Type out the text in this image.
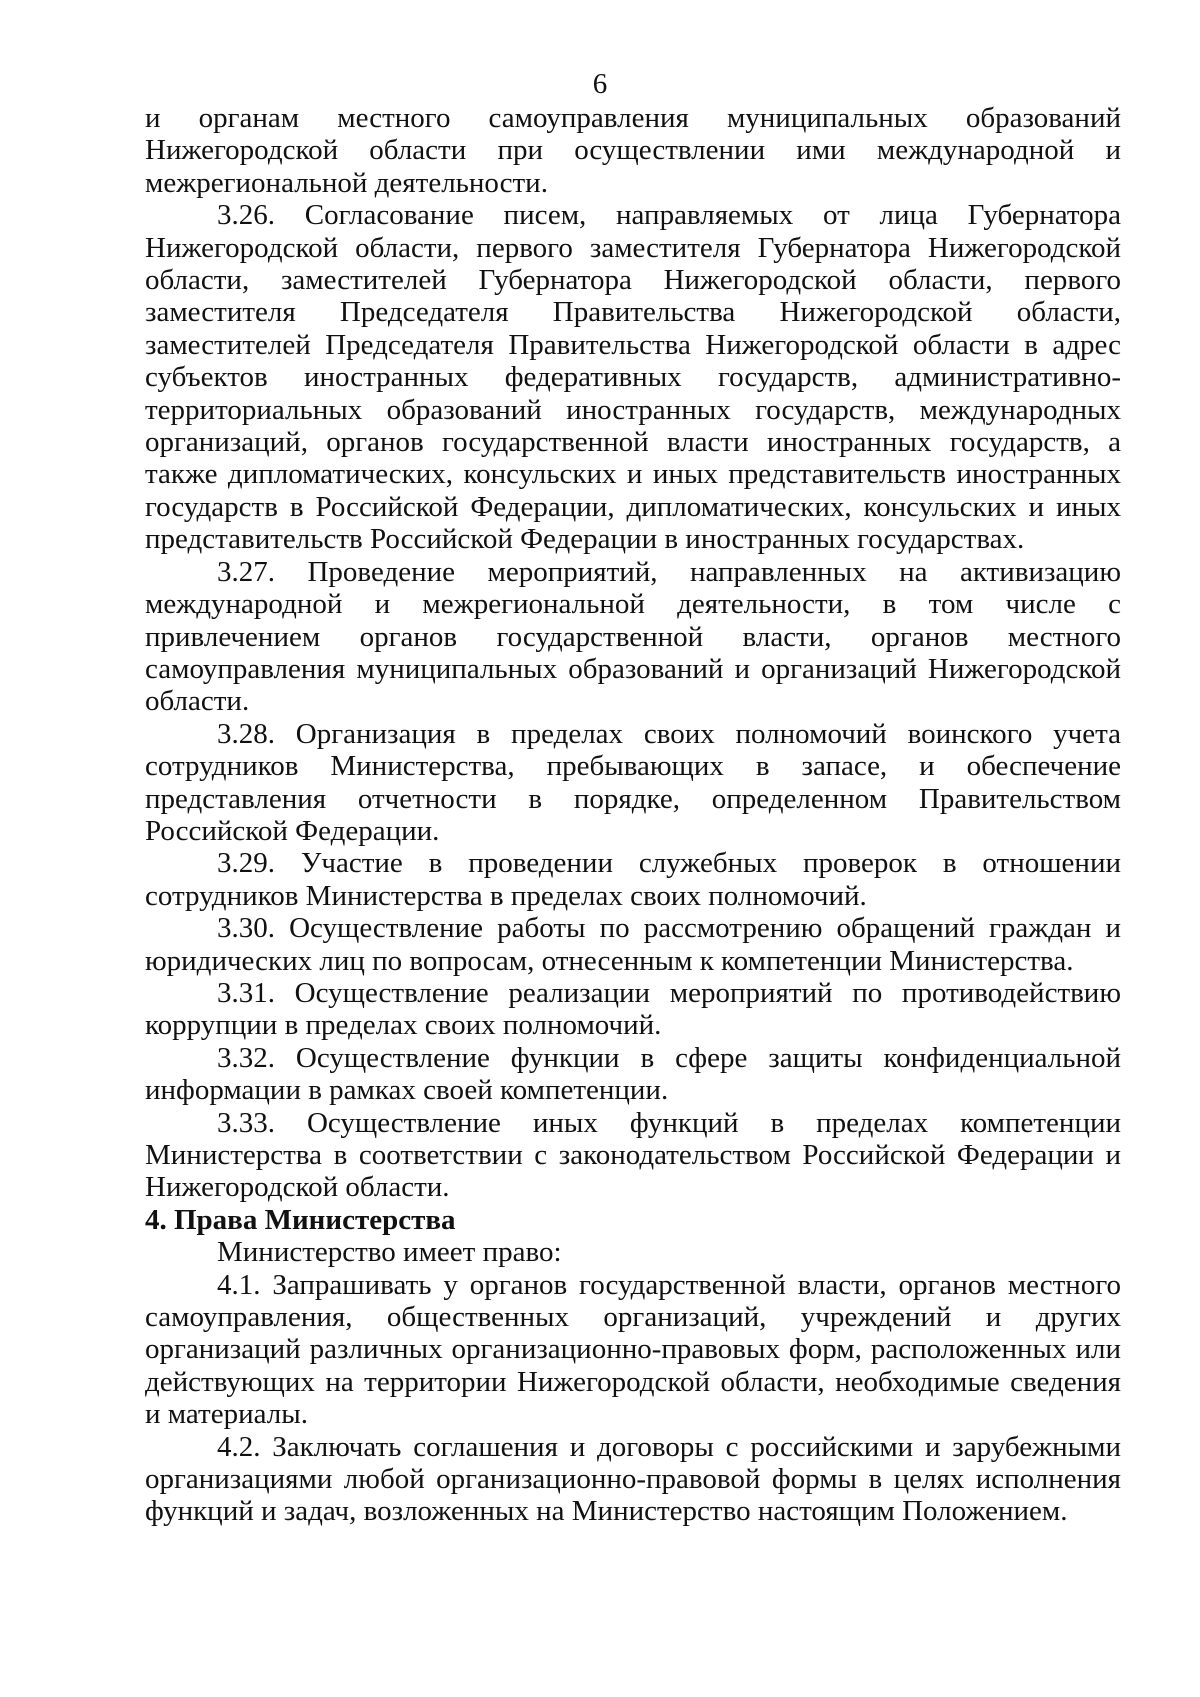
6

и органам местного самоуправления муниципальных образований Нижегородской области при осуществлении ими международной и межрегиональной деятельности.

3.26. Согласование писем, направляемых от лица Губернатора Нижегородской области, первого заместителя Губернатора Нижегородской области, заместителей Губернатора Нижегородской области, первого заместителя Председателя Правительства Нижегородской области, заместителей Председателя Правительства Нижегородской области в адрес субъектов иностранных федеративных государств, административно-территориальных образований иностранных государств, международных организаций, органов государственной власти иностранных государств, а также дипломатических, консульских и иных представительств иностранных государств в Российской Федерации, дипломатических, консульских и иных представительств Российской Федерации в иностранных государствах.

3.27. Проведение мероприятий, направленных на активизацию международной и межрегиональной деятельности, в том числе с привлечением органов государственной власти, органов местного самоуправления муниципальных образований и организаций Нижегородской области.

3.28. Организация в пределах своих полномочий воинского учета сотрудников Министерства, пребывающих в запасе, и обеспечение представления отчетности в порядке, определенном Правительством Российской Федерации.

3.29. Участие в проведении служебных проверок в отношении сотрудников Министерства в пределах своих полномочий.

3.30. Осуществление работы по рассмотрению обращений граждан и юридических лиц по вопросам, отнесенным к компетенции Министерства.

3.31. Осуществление реализации мероприятий по противодействию коррупции в пределах своих полномочий.

3.32. Осуществление функции в сфере защиты конфиденциальной информации в рамках своей компетенции.

3.33. Осуществление иных функций в пределах компетенции Министерства в соответствии с законодательством Российской Федерации и Нижегородской области.

4. Права Министерства

Министерство имеет право:

4.1. Запрашивать у органов государственной власти, органов местного самоуправления, общественных организаций, учреждений и других организаций различных организационно-правовых форм, расположенных или действующих на территории Нижегородской области, необходимые сведения и материалы.

4.2. Заключать соглашения и договоры с российскими и зарубежными организациями любой организационно-правовой формы в целях исполнения функций и задач, возложенных на Министерство настоящим Положением.
